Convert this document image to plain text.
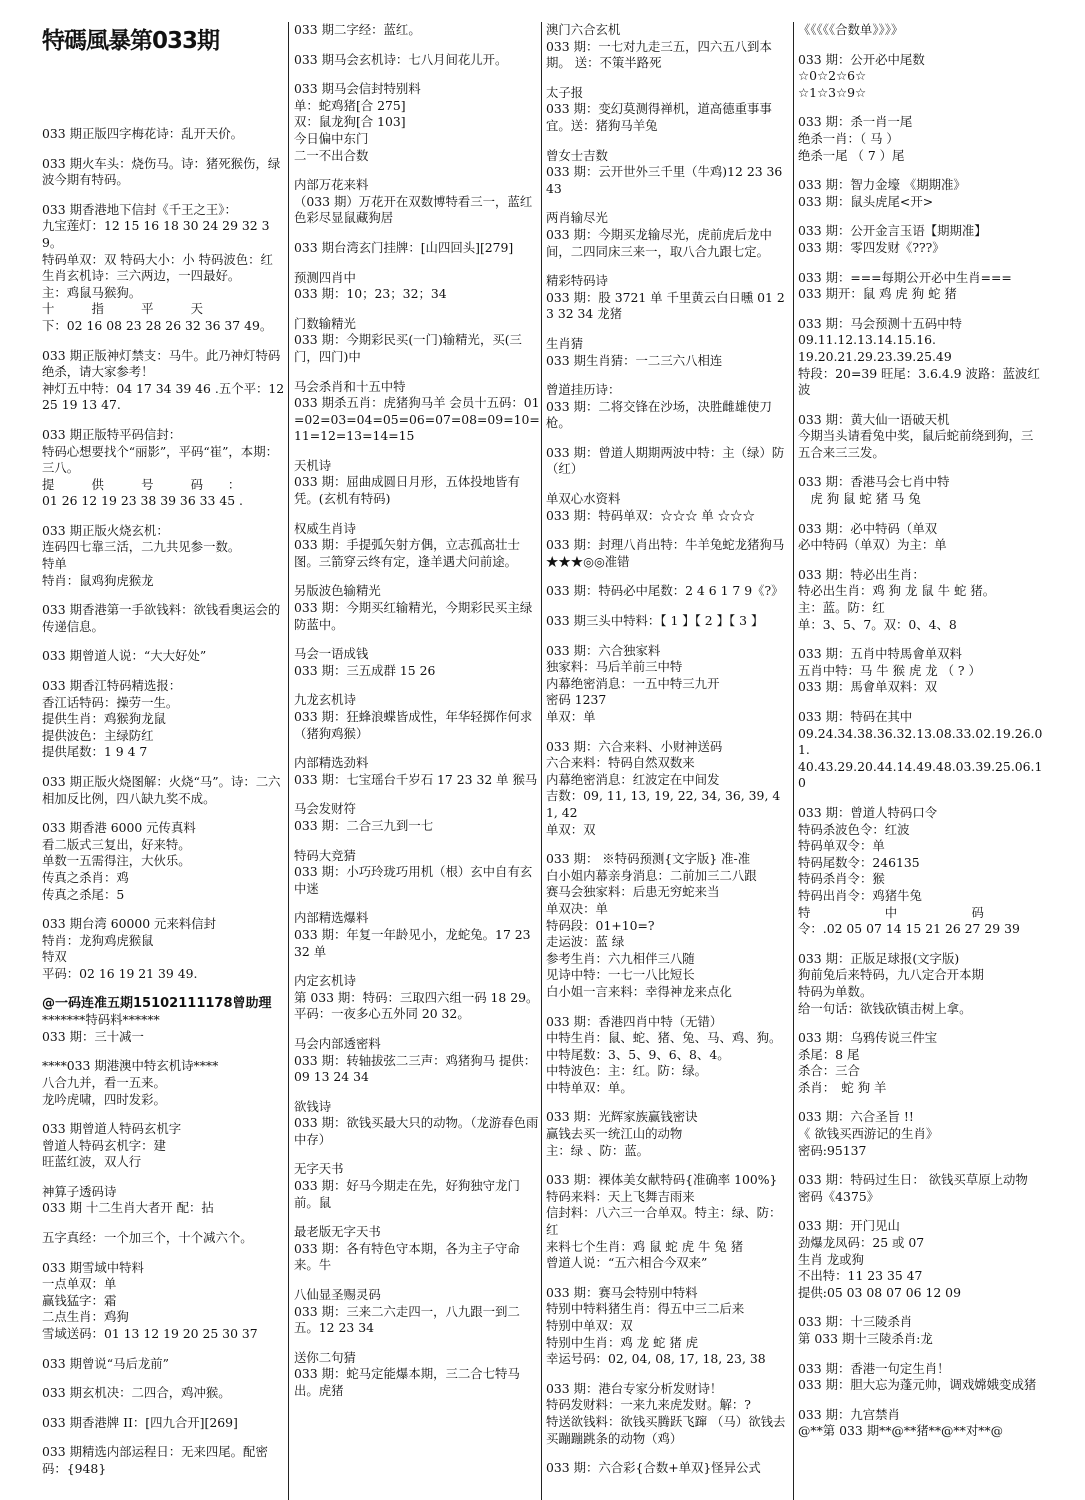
特碼風暴第033期
033 期正版四字梅花诗：乱开天价。
033 期火车头：烧伤马。诗：猪死猴伤，绿波今期有特码。
033 期香港地下信封《千王之王》：
九宝莲灯：12 15 16 18 30 24 29 32 39。
特码单双：双 特码大小：小 特码波色：红
生肖玄机诗：三六两边，一四最好。
主：鸡鼠马猴狗。
十　　　指　　　平　　　天
下：02 16 08 23 28 26 32 36 37 49。
033 期正版神灯禁支：马牛。此乃神灯特码绝杀，请大家参考！
神灯五中特：04 17 34 39 46 .五个平：12 25 19 13 47.
033 期正版特平码信封：
特码心想要找个“丽影”，平码“崔”，本期：三八。
提　　　供　　　号　　　码　　：
01 26 12 19 23 38 39 36 33 45 .
033 期正版火烧玄机：
连码四七靠三活，二九共见参一数。
特单
特肖：鼠鸡狗虎猴龙
033 期香港第一手欲钱料：欲钱看奥运会的传递信息。
033 期曾道人说：“大大好处”
033 期香江特码精选报：
香江话特码：操劳一生。
提供生肖：鸡猴狗龙鼠
提供波色：主绿防红
提供尾数：1 9 4 7
033 期正版火烧图解：火烧“马”。诗：二六相加反比例，四八缺九奖不成。
033 期香港 6000 元传真料
看二版式三复出，好来特。
单数一五需得注，大伙乐。
传真之杀肖：鸡
传真之杀尾：5
033 期台湾 60000 元来料信封
特肖：龙狗鸡虎猴鼠
特双
平码：02 16 19 21 39 49.
@一码连准五期15102111178曾助理
*******特码料******
033 期：三十减一
****033 期港澳中特玄机诗****
八合九并，看一五来。
龙吟虎啸，四时发彩。
033 期曾道人特码玄机字
曾道人特码玄机字：建
旺蓝红波，双人行
神算子透码诗
033 期 十二生肖大者开 配：拈
五字真经：一个加三个，十个减六个。
033 期雪域中特料
一点单双：单
赢钱猛字：霜
二点生肖：鸡狗
雪域送码：01 13 12 19 20 25 30 37
033 期曾说“马后龙前”
033 期玄机决：二四合，鸡冲猴。
033 期香港牌 II：[四九合开][269]
033 期精选内部运程日：无来四尾。配密码：{948}
033 期二字经：蓝红。
033 期马会玄机诗：七八月间花儿开。
033 期马会信封特别料
单：蛇鸡猪[合 275]
双：鼠龙狗[合 103]
今日偏中东门
二一不出合数
内部万花来料
（033 期）万花开在双数博特看三一，蓝红色彩尽显鼠藏狗居
033 期台湾玄门挂牌：[山四回头][279]
预测四肖中
033 期：10；23；32；34
门数输精光
033 期：今期彩民买(一门)输精光，买(三门，四门)中
马会杀肖和十五中特
033 期杀五肖：虎猪狗马羊 会员十五码：01=02=03=04=05=06=07=08=09=10=11=12=13=14=15
天机诗
033 期：屈曲成圆日月形，五体投地皆有凭。(玄机有特码)
权威生肖诗
033 期：手提弧矢射方偶，立志孤高壮士图。三箭穿云终有定，逢羊遇犬问前途。
另版波色输精光
033 期：今期买红输精光，今期彩民买主绿防蓝中。
马会一语成钱
033 期：三五成群 15 26
九龙玄机诗
033 期：狂蜂浪蝶皆成性，年华轻掷作何求（猪狗鸡猴）
内部精选劲料
033 期：七宝瑶台千岁石 17 23 32 单 猴马
马会发财符
033 期：二合三九到一七
特码大竞猜
033 期：小巧玲珑巧用机（根）玄中自有玄中迷
内部精选爆料
033 期：年复一年龄见小，龙蛇兔。17 23 32 单
内定玄机诗
第 033 期：特码：三取四六组一码 18 29。平码：一夜多心五外同 20 32。
马会内部透密料
033 期：转轴拔弦二三声：鸡猪狗马 提供：09 13 24 34
欲钱诗
033 期：欲钱买最大只的动物。（龙游春色雨中存）
无字天书
033 期：好马今期走在先，好狗独守龙门前。鼠
最老版无字天书
033 期：各有特色守本期，各为主子守命来。牛
八仙显圣赐灵码
033 期：三来二六走四一，八九跟一到二五。12 23 34
送你二句猜
033 期：蛇马定能爆本期，三二合七特马出。虎猪
澳门六合玄机
033 期：一七对九走三五，四六五八到本期。 送：不策半路死
太子报
033 期：变幻莫测得禅机，道高德重事事宜。送：猪狗马羊兔
曾女士吉数
033 期：云开世外三千里（牛鸡)12 23 36 43
两肖输尽光
033 期：今期买龙输尽光，虎前虎后龙中间，二四同床三来一，取八合九跟七定。
精彩特码诗
033 期：股 3721 单 千里黄云白日曛 01 23 32 34 龙猪
生肖猜
033 期生肖猜：一二三六八相连
曾道挂历诗：
033 期：二将交锋在沙场，决胜雌雄使刀枪。
033 期：曾道人期期两波中特：主（绿）防（红）
单双心水资料
033 期：特码单双：☆☆☆ 单 ☆☆☆
033 期：封理八肖出特：牛羊兔蛇龙猪狗马★★★◎◎准错
033 期：特码必中尾数：2 4 6 1 7 9《?》
033 期三头中特料：【 1 】【 2 】【 3 】
033 期：六合独家料
独家料：马后羊前三中特
内幕绝密消息：一五中特三九开
密码 1237
单双：单
033 期：六合来料、小财神送码
六合来料：特码自然双数来
内幕绝密消息：红波定在中间发
吉数：09, 11, 13, 19, 22, 34, 36, 39, 41, 42
单双：双
033 期： ※特码预测{文字版} 准-准
白小姐内幕亲身消息：二前加三二八跟
赛马会独家料：后患无穷蛇来当
单双决：单
特码段：01+10=?
走运波：蓝 绿
参考生肖：六九相伴三八随
见诗中特：一七一八比短长
白小姐一言来料：幸得神龙来点化
033 期：香港四肖中特（无错）
中特生肖：鼠、蛇、猪、兔、马、鸡、狗。
中特尾数：3、5、9、6、8、4。
中特波色：主：红。防：绿。
中特单双：单。
033 期：光辉家族赢钱密诀
赢钱去买一统江山的动物
主：绿 、防：蓝。
033 期：裸体美女献特码{准确率 100%}
特码来料：天上飞舞吉雨来
信封料：八六三一合单双。特主：绿、防：红
来料七个生肖：鸡 鼠 蛇 虎 牛 兔 猪
曾道人说：“五六相合今双来”
033 期：赛马会特别中特料
特别中特料猪生肖：得五中三二后来
特别中单双：双
特别中生肖：鸡 龙 蛇 猪 虎
幸运号码：02, 04, 08, 17, 18, 23, 38
033 期：港台专家分析发财诗！
特码发财料：一来九来虎发财。解：?
特送欲钱料：欲钱买腾跃飞蹿 （马）欲钱去买蹦蹦跳条的动物（鸡）
033 期：六合彩{合数+单双}怪异公式
《《《《《合数单》》》》
033 期：公开必中尾数
☆0☆2☆6☆
☆1☆3☆9☆
033 期：杀一肖一尾
绝杀一肖：（ 马 ）
绝杀一尾 （ 7 ）尾
033 期：智力金壕 《期期准》
033 期：鼠头虎尾<开>
033 期：公开金言玉语【期期准】
033 期：零四发财《???》
033 期：===每期公开必中生肖===
033 期开：鼠 鸡 虎 狗 蛇 猪
033 期：马会预测十五码中特
09.11.12.13.14.15.16.
19.20.21.29.23.39.25.49
特段：20=39 旺尾：3.6.4.9 波路：蓝波红波
033 期：黄大仙一语破天机
今期当头请看兔中奖，鼠后蛇前绕到狗，三五合来三三发。
033 期：香港马会七肖中特
　虎 狗 鼠 蛇 猪 马 兔
033 期：必中特码（单双
必中特码（单双）为主：单
033 期：特必出生肖：
特必出生肖：鸡 狗 龙 鼠 牛 蛇 猪。
主：蓝。防：红
单：3、5、7。双：0、4、8
033 期：五肖中特馬會单双料
五肖中特：马 牛 猴 虎 龙 （ ? ）
033 期：馬會单双料：双
033 期：特码在其中
09.24.34.38.36.32.13.08.33.02.19.26.01.
40.43.29.20.44.14.49.48.03.39.25.06.10
033 期：曾道人特码口令
特码杀波色令：红波
特码单双令：单
特码尾数令：246135
特码杀肖令：猴
特码出肖令：鸡猪牛兔
特　　　　　　中　　　　　　码
令：.02 05 07 14 15 21 26 27 29 39
033 期：正版足球报(文字版)
狗前兔后来特码，九八定合开本期
特码为单数。
给一句话：欲钱砍镇击树上拿。
033 期：乌鸦传说三件宝
杀尾：8 尾
杀合：三合
杀肖：　蛇 狗 羊
033 期：六合圣旨 !!
《 欲钱买西游记的生肖》
密码:95137
033 期：特码过生日： 欲钱买草原上动物
密码《4375》
033 期：开门见山
劲爆龙凤码：25 或 07
生肖 龙或狗
不出特：11 23 35 47
提供:05 03 08 07 06 12 09
033 期：十三陵杀肖
第 033 期十三陵杀肖:龙
033 期：香港一句定生肖！
033 期：胆大忘为蓬元帅，调戏嫦娥变成猪
033 期：九宫禁肖
@**第 033 期**@**猪**@**对**@
